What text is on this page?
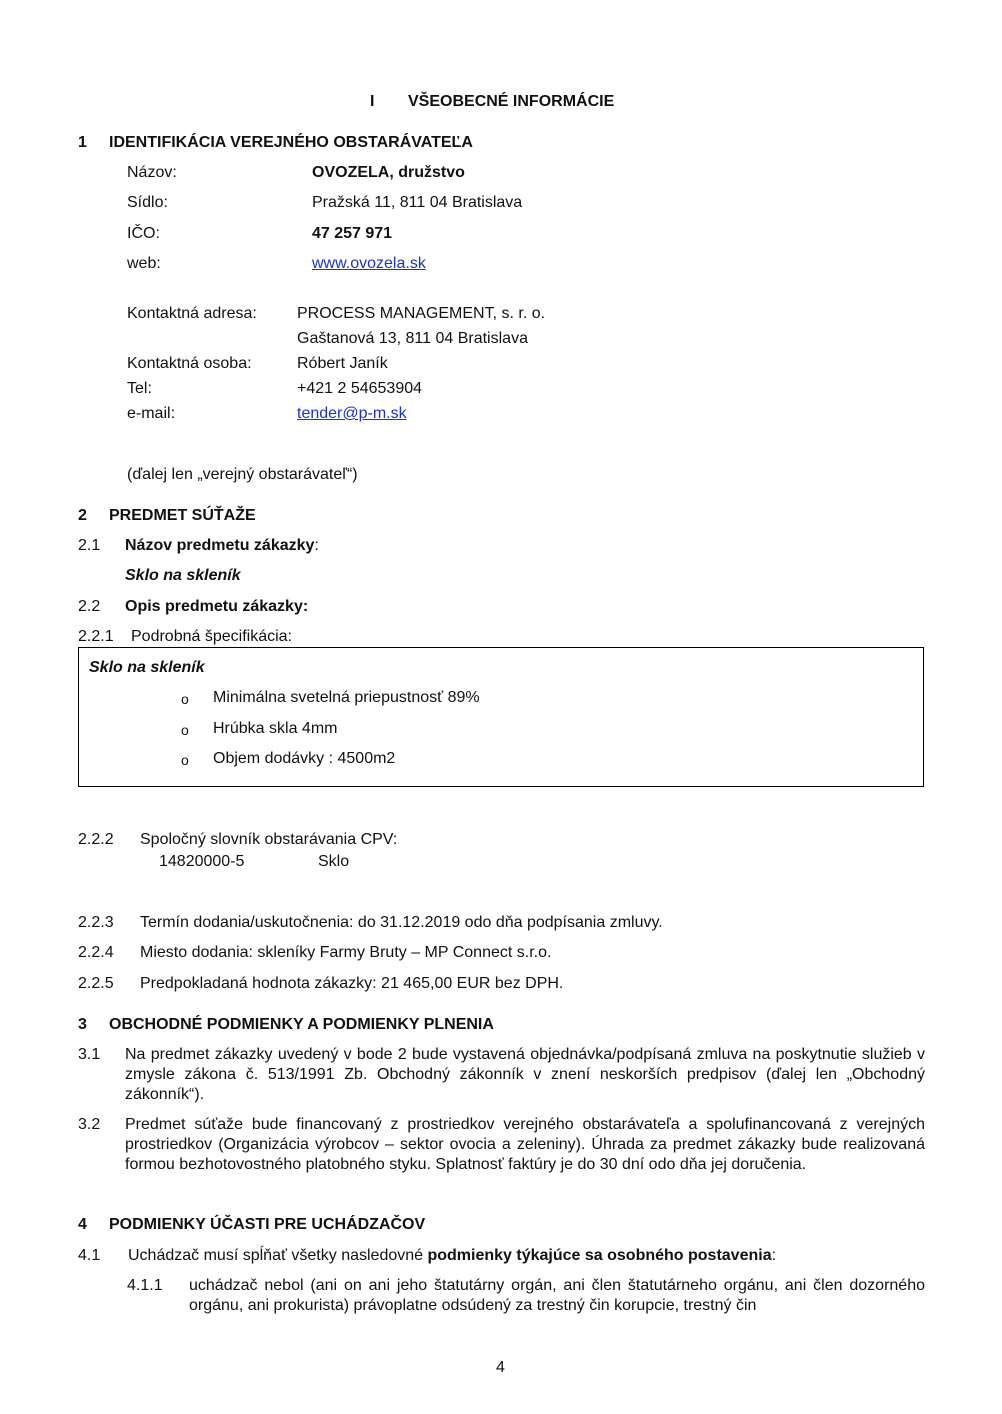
I VŠEOBECNÉ INFORMÁCIE
1 IDENTIFIKÁCIA VEREJNÉHO OBSTARÁVATEĽA
Názov:	OVOZELA, družstvo
Sídlo:	Pražská 11, 811 04 Bratislava
IČO:	47 257 971
web:	www.ovozela.sk
Kontaktná adresa:	PROCESS MANAGEMENT, s. r. o.
Gaštanová 13, 811 04 Bratislava
Kontaktná osoba:	Róbert Janík
Tel:	+421 2 54653904
e-mail:	tender@p-m.sk
(ďalej len „verejný obstarávateľ“)
2 PREDMET SÚŤAŽE
2.1 Názov predmetu zákazky:
Sklo na skleník
2.2 Opis predmetu zákazky:
2.2.1 Podrobná špecifikácia:
Sklo na skleník
o Minimálna svetelná priepustnosť 89%
o Hrúbka skla 4mm
o Objem dodávky : 4500m2
2.2.2 Spoločný slovník obstarávania CPV:
14820000-5	Sklo
2.2.3 Termín dodania/uskutočnenia: do 31.12.2019 odo dňa podpísania zmluvy.
2.2.4 Miesto dodania: skleníky Farmy Bruty – MP Connect s.r.o.
2.2.5 Predpokladaná hodnota zákazky: 21 465,00 EUR bez DPH.
3 OBCHODNÉ PODMIENKY A PODMIENKY PLNENIA
3.1 Na predmet zákazky uvedený v bode 2 bude vystavená objednávka/podpísaná zmluva na poskytnutie služieb v zmysle zákona č. 513/1991 Zb. Obchodný zákonník v znení neskorších predpisov (ďalej len „Obchodný zákonník“).
3.2 Predmet súťaže bude financovaný z prostriedkov verejného obstarávateľa a spolufinancovaná z verejných prostriedkov (Organizácia výrobcov – sektor ovocia a zeleniny). Úhrada za predmet zákazky bude realizovaná formou bezhotovostného platobného styku. Splatnosť faktúry je do 30 dní odo dňa jej doručenia.
4 PODMIENKY ÚČASTI PRE UCHÁDZAČOV
4.1 Uchádzač musí spĺňať všetky nasledovné podmienky týkajúce sa osobného postavenia:
4.1.1 uchádzač nebol (ani on ani jeho štatutárny orgán, ani člen štatutárneho orgánu, ani člen dozorného orgánu, ani prokurista) právoplatne odsúdený za trestný čin korupcie, trestný čin
4
